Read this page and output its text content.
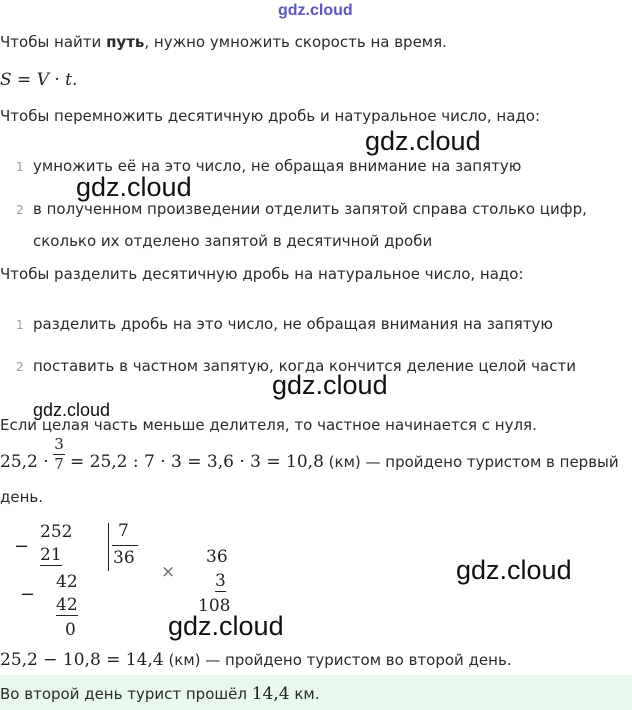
gdz.cloud
Чтобы найти путь, нужно умножить скорость на время.
S = V · t.
Чтобы перемножить десятичную дробь и натуральное число, надо:
1 умножить её на это число, не обращая внимание на запятую
2 в полученном произведении отделить запятой справа столько цифр,
сколько их отделено запятой в десятичной дроби
Чтобы разделить десятичную дробь на натуральное число, надо:
1 разделить дробь на это число, не обращая внимания на запятую
2 поставить в частном запятую, когда кончится деление целой части
Если целая часть меньше делителя, то частное начинается с нуля.
25,2 ·
3
7 = 25,2 : 7 · 3 = 3,6 · 3 = 10,8 (км) — пройдено туристом в первый
день.
−
252
21
42
− 42
0
7
36
×
36
3
108
25,2 − 10,8 = 14,4 (км) — пройдено туристом во второй день.
Во второй день турист прошёл 14,4 км.
gdz.cloud
gdz.cloud
gdz.cloud
gdz.cloud
gdz.cloud
gdz.cloud
